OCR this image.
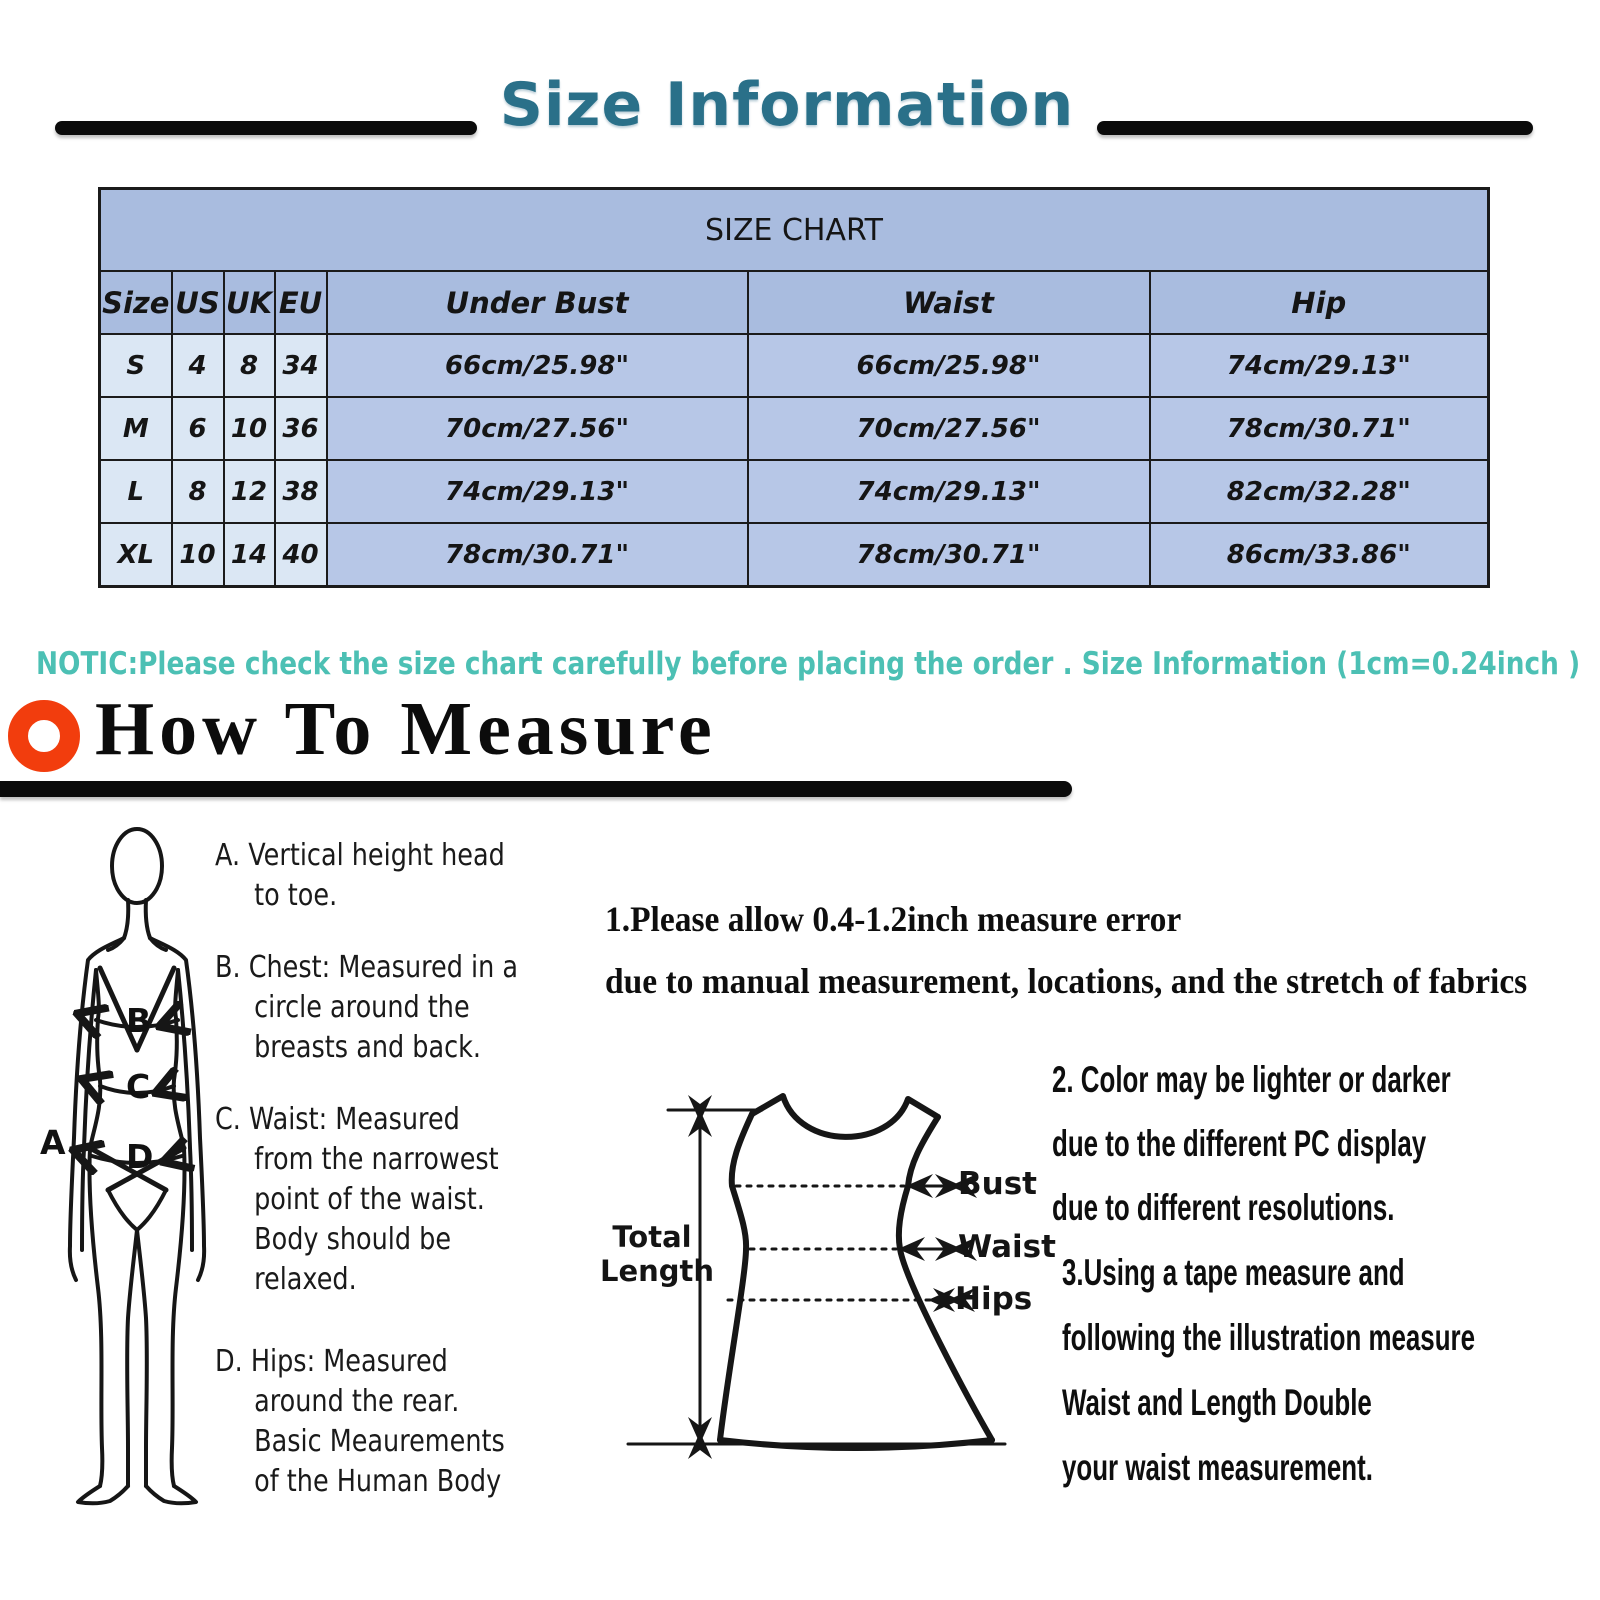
Size Information
SIZE CHART						
Size	US	UK	EU	Under Bust	Waist	Hip
S	4	8	34	66cm/25.98"	66cm/25.98"	74cm/29.13"
M	6	10	36	70cm/27.56"	70cm/27.56"	78cm/30.71"
L	8	12	38	74cm/29.13"	74cm/29.13"	82cm/32.28"
XL	10	14	40	78cm/30.71"	78cm/30.71"	86cm/33.86"
NOTIC:Please check the size chart carefully before placing the order . Size Information (1cm=0.24inch )
How To Measure
A
B
C
D
A. Vertical height head
to toe.
B. Chest: Measured in a
circle around the
breasts and back.
C. Waist: Measured
from the narrowest
point of the waist.
Body should be
relaxed.
D. Hips: Measured
around the rear.
Basic Meaurements
of the Human Body
1.Please allow 0.4-1.2inch measure error
due to manual measurement, locations, and the stretch of fabrics
Total
Length
Bust
Waist
Hips
2. Color may be lighter or darker
due to the different PC display
due to different resolutions.
3.Using a tape measure and
following the illustration measure
Waist and Length Double
your waist measurement.
